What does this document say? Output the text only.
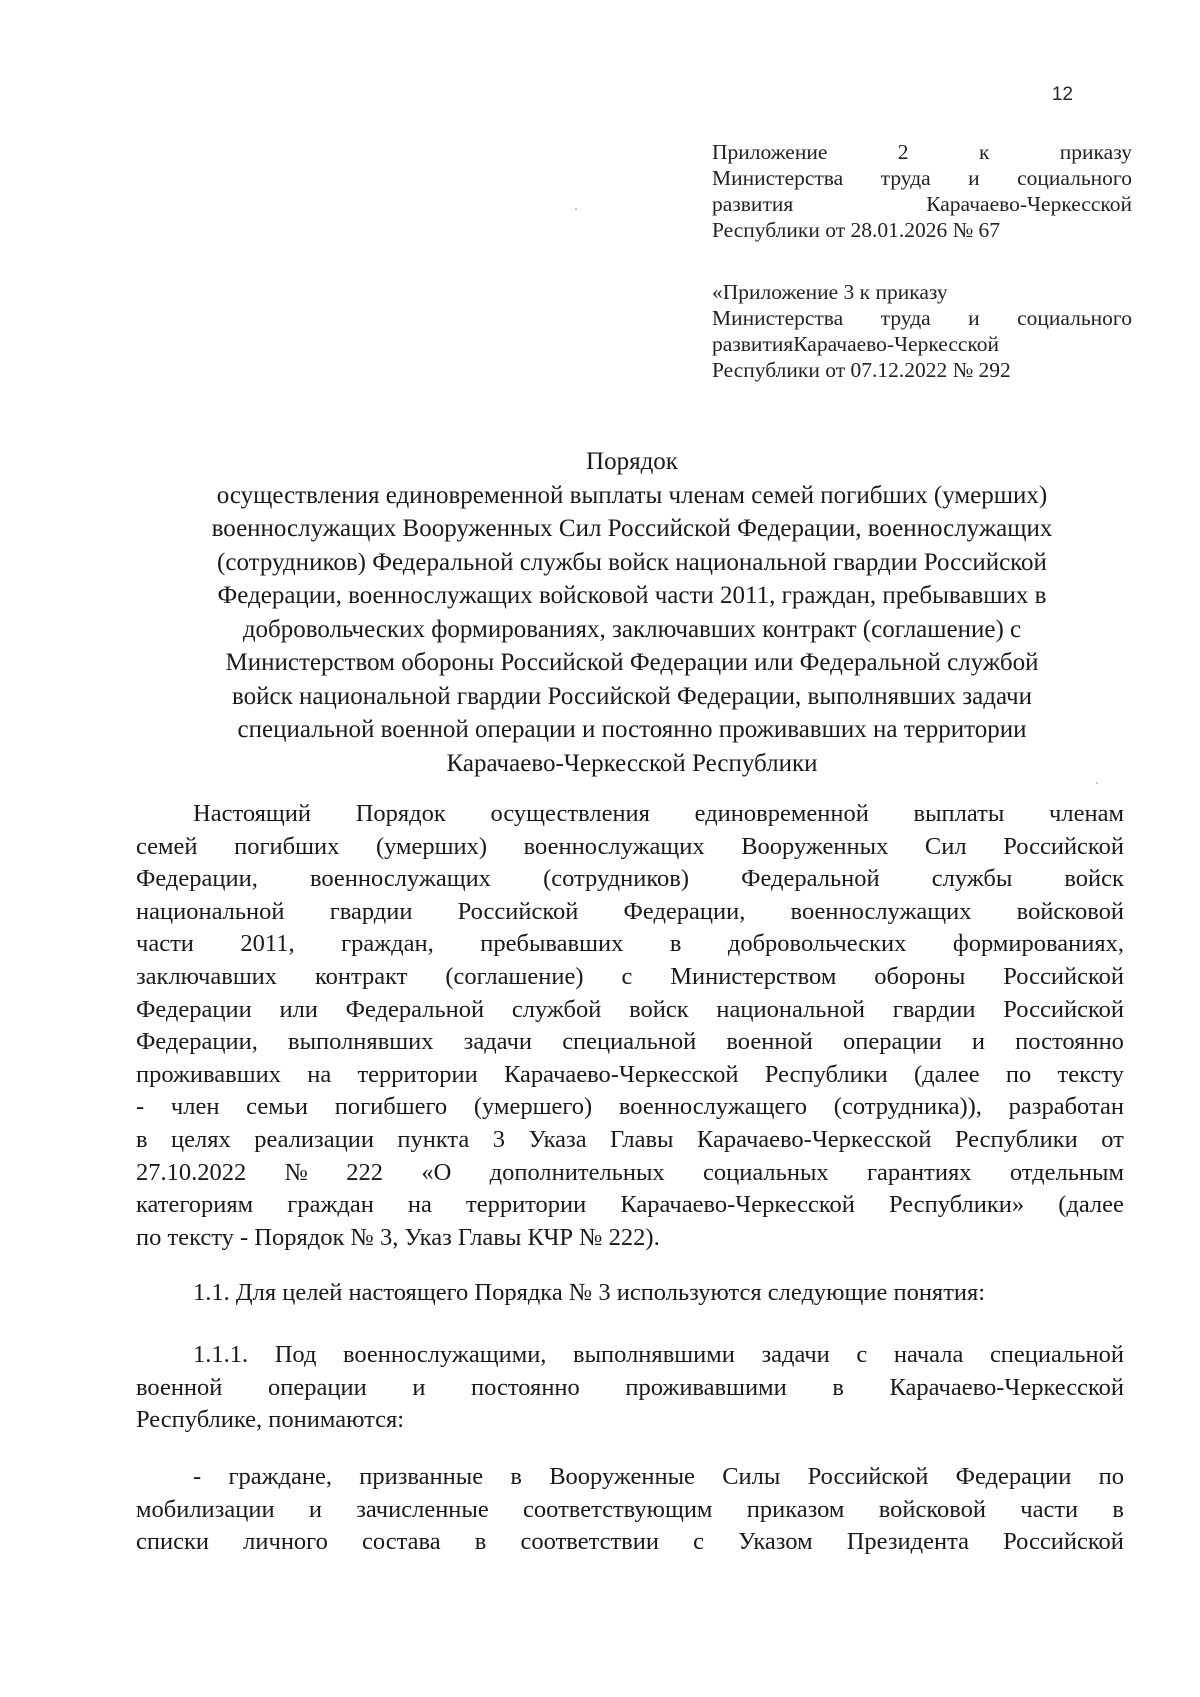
12
Приложение	2	к	приказу
Министерства труда и социального
развития	Карачаево-Черкесской
Республики от 28.01.2026 № 67
«Приложение 3 к приказу
Министерства труда и социального
развитияКарачаево-Черкесской
Республики от 07.12.2022 № 292
Порядок
осуществления единовременной выплаты членам семей погибших (умерших)
военнослужащих Вооруженных Сил Российской Федерации, военнослужащих
(сотрудников) Федеральной службы войск национальной гвардии Российской
Федерации, военнослужащих войсковой части 2011, граждан, пребывавших в
добровольческих формированиях, заключавших контракт (соглашение) с
Министерством обороны Российской Федерации или Федеральной службой
войск национальной гвардии Российской Федерации, выполнявших задачи
специальной военной операции и постоянно проживавших на территории
Карачаево-Черкесской Республики
Настоящий Порядок осуществления единовременной выплаты членам
семей погибших (умерших) военнослужащих Вооруженных Сил Российской
Федерации, военнослужащих (сотрудников) Федеральной службы войск
национальной гвардии Российской Федерации, военнослужащих войсковой
части 2011, граждан, пребывавших в добровольческих формированиях,
заключавших контракт (соглашение) с Министерством обороны Российской
Федерации или Федеральной службой войск национальной гвардии Российской
Федерации, выполнявших задачи специальной военной операции и постоянно
проживавших на территории Карачаево-Черкесской Республики (далее по тексту
- член семьи погибшего (умершего) военнослужащего (сотрудника)), разработан
в целях реализации пункта 3 Указа Главы Карачаево-Черкесской Республики от
27.10.2022 № 222 «О дополнительных социальных гарантиях отдельным
категориям граждан на территории Карачаево-Черкесской Республики» (далее
по тексту - Порядок № 3, Указ Главы КЧР № 222).
1.1. Для целей настоящего Порядка № 3 используются следующие понятия:
1.1.1. Под военнослужащими, выполнявшими задачи с начала специальной
военной операции и постоянно проживавшими в Карачаево-Черкесской
Республике, понимаются:
- граждане, призванные в Вооруженные Силы Российской Федерации по
мобилизации и зачисленные соответствующим приказом войсковой части в
списки личного состава в соответствии с Указом Президента Российской
